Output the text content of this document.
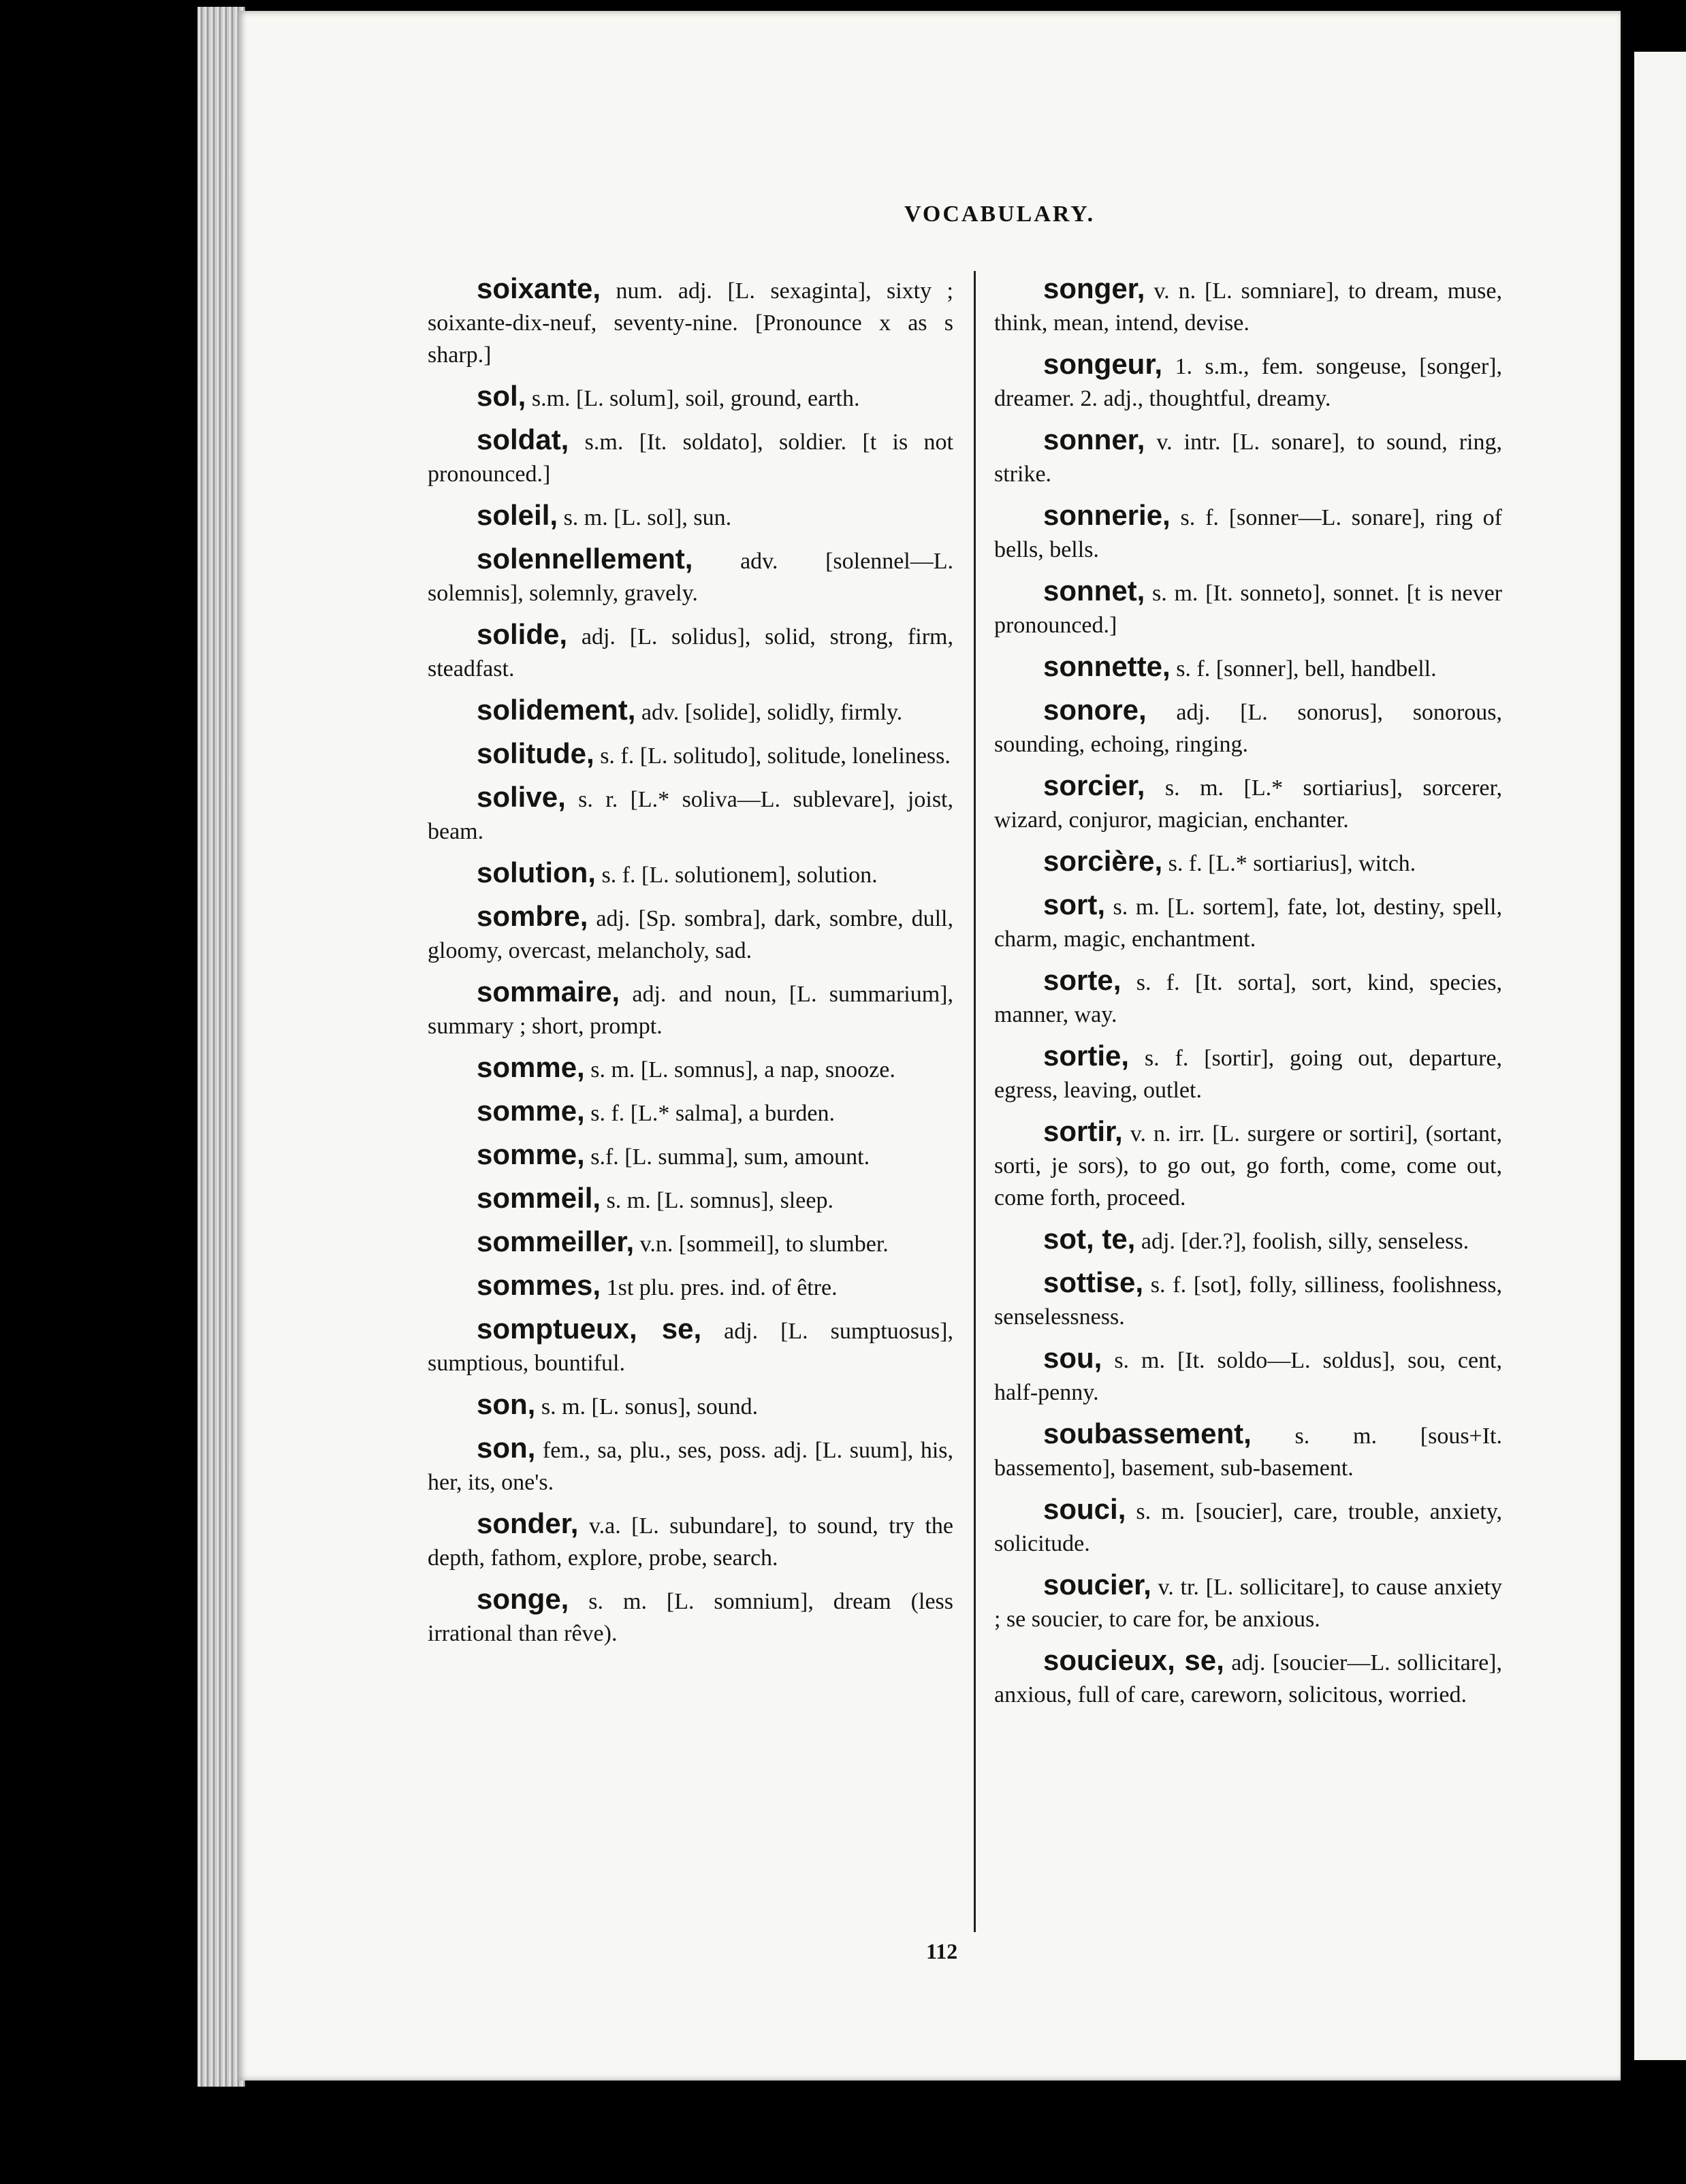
VOCABULARY.
soixante, num. adj. [L. sexaginta], sixty ; soixante-dix-neuf, seventy-nine. [Pronounce x as s sharp.]
sol, s.m. [L. solum], soil, ground, earth.
soldat, s.m. [It. soldato], soldier. [t is not pronounced.]
soleil, s. m. [L. sol], sun.
solennellement, adv. [solennel—L. solemnis], solemnly, gravely.
solide, adj. [L. solidus], solid, strong, firm, steadfast.
solidement, adv. [solide], solidly, firmly.
solitude, s. f. [L. solitudo], solitude, loneliness.
solive, s. r. [L.* soliva—L. sublevare], joist, beam.
solution, s. f. [L. solutionem], solution.
sombre, adj. [Sp. sombra], dark, sombre, dull, gloomy, overcast, melancholy, sad.
sommaire, adj. and noun, [L. summarium], summary ; short, prompt.
somme, s. m. [L. somnus], a nap, snooze.
somme, s. f. [L.* salma], a burden.
somme, s.f. [L. summa], sum, amount.
sommeil, s. m. [L. somnus], sleep.
sommeiller, v.n. [sommeil], to slumber.
sommes, 1st plu. pres. ind. of être.
somptueux, se, adj. [L. sumptuosus], sumptious, bountiful.
son, s. m. [L. sonus], sound.
son, fem., sa, plu., ses, poss. adj. [L. suum], his, her, its, one's.
sonder, v.a. [L. subundare], to sound, try the depth, fathom, explore, probe, search.
songe, s. m. [L. somnium], dream (less irrational than rêve).
songer, v. n. [L. somniare], to dream, muse, think, mean, intend, devise.
songeur, 1. s.m., fem. songeuse, [songer], dreamer. 2. adj., thoughtful, dreamy.
sonner, v. intr. [L. sonare], to sound, ring, strike.
sonnerie, s. f. [sonner—L. sonare], ring of bells, bells.
sonnet, s. m. [It. sonneto], sonnet. [t is never pronounced.]
sonnette, s. f. [sonner], bell, handbell.
sonore, adj. [L. sonorus], sonorous, sounding, echoing, ringing.
sorcier, s. m. [L.* sortiarius], sorcerer, wizard, conjuror, magician, enchanter.
sorcière, s. f. [L.* sortiarius], witch.
sort, s. m. [L. sortem], fate, lot, destiny, spell, charm, magic, enchantment.
sorte, s. f. [It. sorta], sort, kind, species, manner, way.
sortie, s. f. [sortir], going out, departure, egress, leaving, outlet.
sortir, v. n. irr. [L. surgere or sortiri], (sortant, sorti, je sors), to go out, go forth, come, come out, come forth, proceed.
sot, te, adj. [der.?], foolish, silly, senseless.
sottise, s. f. [sot], folly, silliness, foolishness, senselessness.
sou, s. m. [It. soldo—L. soldus], sou, cent, half-penny.
soubassement, s. m. [sous+It. bassemento], basement, sub-basement.
souci, s. m. [soucier], care, trouble, anxiety, solicitude.
soucier, v. tr. [L. sollicitare], to cause anxiety ; se soucier, to care for, be anxious.
soucieux, se, adj. [soucier—L. sollicitare], anxious, full of care, careworn, solicitous, worried.
112
